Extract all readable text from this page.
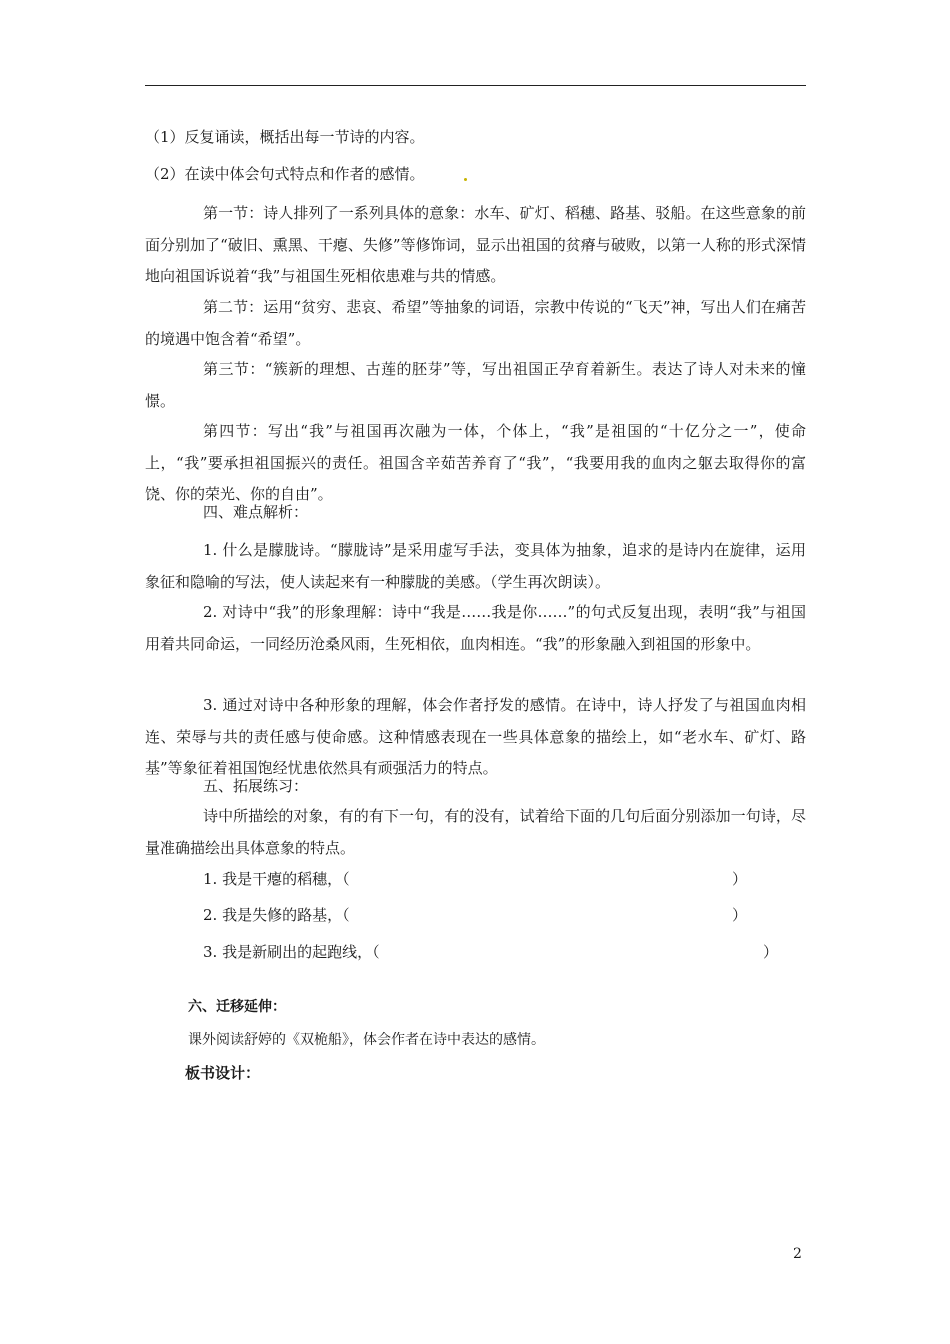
（1）反复诵读，概括出每一节诗的内容。
（2）在读中体会句式特点和作者的感情。
第一节：诗人排列了一系列具体的意象：水车、矿灯、稻穗、路基、驳船。在这些意象的前面分别加了“破旧、熏黑、干瘪、失修”等修饰词，显示出祖国的贫瘠与破败，以第一人称的形式深情地向祖国诉说着“我”与祖国生死相依患难与共的情感。
第二节：运用“贫穷、悲哀、希望”等抽象的词语，宗教中传说的“飞天”神，写出人们在痛苦的境遇中饱含着“希望”。
第三节：“簇新的理想、古莲的胚芽”等，写出祖国正孕育着新生。表达了诗人对未来的憧憬。
第四节：写出“我”与祖国再次融为一体，个体上，“我”是祖国的“十亿分之一”，使命上，“我”要承担祖国振兴的责任。祖国含辛茹苦养育了“我”，“我要用我的血肉之躯去取得你的富饶、你的荣光、你的自由”。
四、难点解析：
1. 什么是朦胧诗。“朦胧诗”是采用虚写手法，变具体为抽象，追求的是诗内在旋律，运用象征和隐喻的写法，使人读起来有一种朦胧的美感。（学生再次朗读）。
2. 对诗中“我”的形象理解：诗中“我是……我是你……”的句式反复出现，表明“我”与祖国用着共同命运，一同经历沧桑风雨，生死相依，血肉相连。“我”的形象融入到祖国的形象中。
3. 通过对诗中各种形象的理解，体会作者抒发的感情。在诗中，诗人抒发了与祖国血肉相连、荣辱与共的责任感与使命感。这种情感表现在一些具体意象的描绘上，如“老水车、矿灯、路基”等象征着祖国饱经忧患依然具有顽强活力的特点。
五、拓展练习：
诗中所描绘的对象，有的有下一句，有的没有，试着给下面的几句后面分别添加一句诗，尽量准确描绘出具体意象的特点。
1. 我是干瘪的稻穗，（	）
2. 我是失修的路基，（	）
3. 我是新刷出的起跑线，（	）
六、迁移延伸：
课外阅读舒婷的《双桅船》，体会作者在诗中表达的感情。
板书设计：
2
